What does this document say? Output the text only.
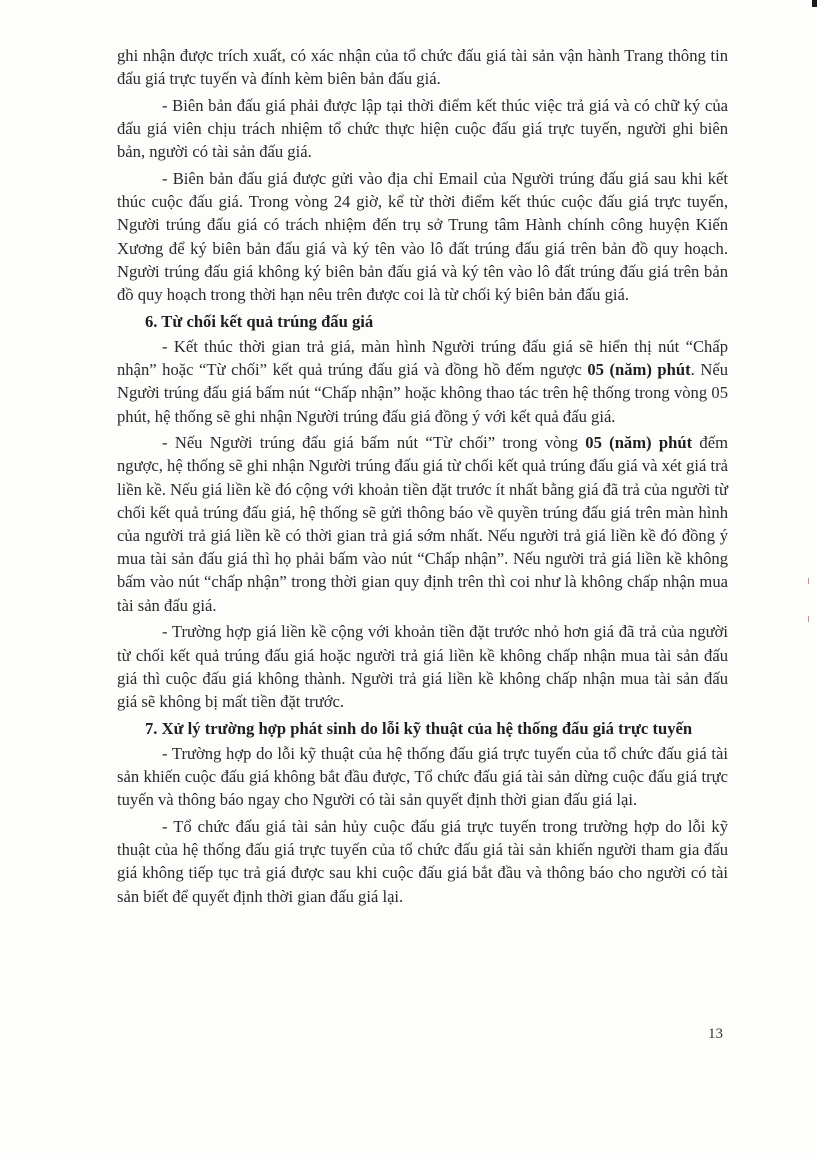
ghi nhận được trích xuất, có xác nhận của tổ chức đấu giá tài sản vận hành Trang thông tin đấu giá trực tuyến và đính kèm biên bản đấu giá.

- Biên bản đấu giá phải được lập tại thời điểm kết thúc việc trả giá và có chữ ký của đấu giá viên chịu trách nhiệm tổ chức thực hiện cuộc đấu giá trực tuyến, người ghi biên bản, người có tài sản đấu giá.

- Biên bản đấu giá được gửi vào địa chỉ Email của Người trúng đấu giá sau khi kết thúc cuộc đấu giá. Trong vòng 24 giờ, kể từ thời điểm kết thúc cuộc đấu giá trực tuyến, Người trúng đấu giá có trách nhiệm đến trụ sở Trung tâm Hành chính công huyện Kiến Xương để ký biên bản đấu giá và ký tên vào lô đất trúng đấu giá trên bản đồ quy hoạch. Người trúng đấu giá không ký biên bản đấu giá và ký tên vào lô đất trúng đấu giá trên bản đồ quy hoạch trong thời hạn nêu trên được coi là từ chối ký biên bản đấu giá.

6. Từ chối kết quả trúng đấu giá

- Kết thúc thời gian trả giá, màn hình Người trúng đấu giá sẽ hiển thị nút “Chấp nhận” hoặc “Từ chối” kết quả trúng đấu giá và đồng hồ đếm ngược 05 (năm) phút. Nếu Người trúng đấu giá bấm nút “Chấp nhận” hoặc không thao tác trên hệ thống trong vòng 05 phút, hệ thống sẽ ghi nhận Người trúng đấu giá đồng ý với kết quả đấu giá.

- Nếu Người trúng đấu giá bấm nút “Từ chối” trong vòng 05 (năm) phút đếm ngược, hệ thống sẽ ghi nhận Người trúng đấu giá từ chối kết quả trúng đấu giá và xét giá trả liền kề. Nếu giá liền kề đó cộng với khoản tiền đặt trước ít nhất bằng giá đã trả của người từ chối kết quả trúng đấu giá, hệ thống sẽ gửi thông báo về quyền trúng đấu giá trên màn hình của người trả giá liền kề có thời gian trả giá sớm nhất. Nếu người trả giá liền kề đó đồng ý mua tài sản đấu giá thì họ phải bấm vào nút “Chấp nhận”. Nếu người trả giá liền kề không bấm vào nút “chấp nhận” trong thời gian quy định trên thì coi như là không chấp nhận mua tài sản đấu giá.

- Trường hợp giá liền kề cộng với khoản tiền đặt trước nhỏ hơn giá đã trả của người từ chối kết quả trúng đấu giá hoặc người trả giá liền kề không chấp nhận mua tài sản đấu giá thì cuộc đấu giá không thành. Người trả giá liền kề không chấp nhận mua tài sản đấu giá sẽ không bị mất tiền đặt trước.

7. Xử lý trường hợp phát sinh do lỗi kỹ thuật của hệ thống đấu giá trực tuyến

- Trường hợp do lỗi kỹ thuật của hệ thống đấu giá trực tuyến của tổ chức đấu giá tài sản khiến cuộc đấu giá không bắt đầu được, Tổ chức đấu giá tài sản dừng cuộc đấu giá trực tuyến và thông báo ngay cho Người có tài sản quyết định thời gian đấu giá lại.

- Tổ chức đấu giá tài sản hủy cuộc đấu giá trực tuyến trong trường hợp do lỗi kỹ thuật của hệ thống đấu giá trực tuyến của tổ chức đấu giá tài sản khiến người tham gia đấu giá không tiếp tục trả giá được sau khi cuộc đấu giá bắt đầu và thông báo cho người có tài sản biết để quyết định thời gian đấu giá lại.

13
